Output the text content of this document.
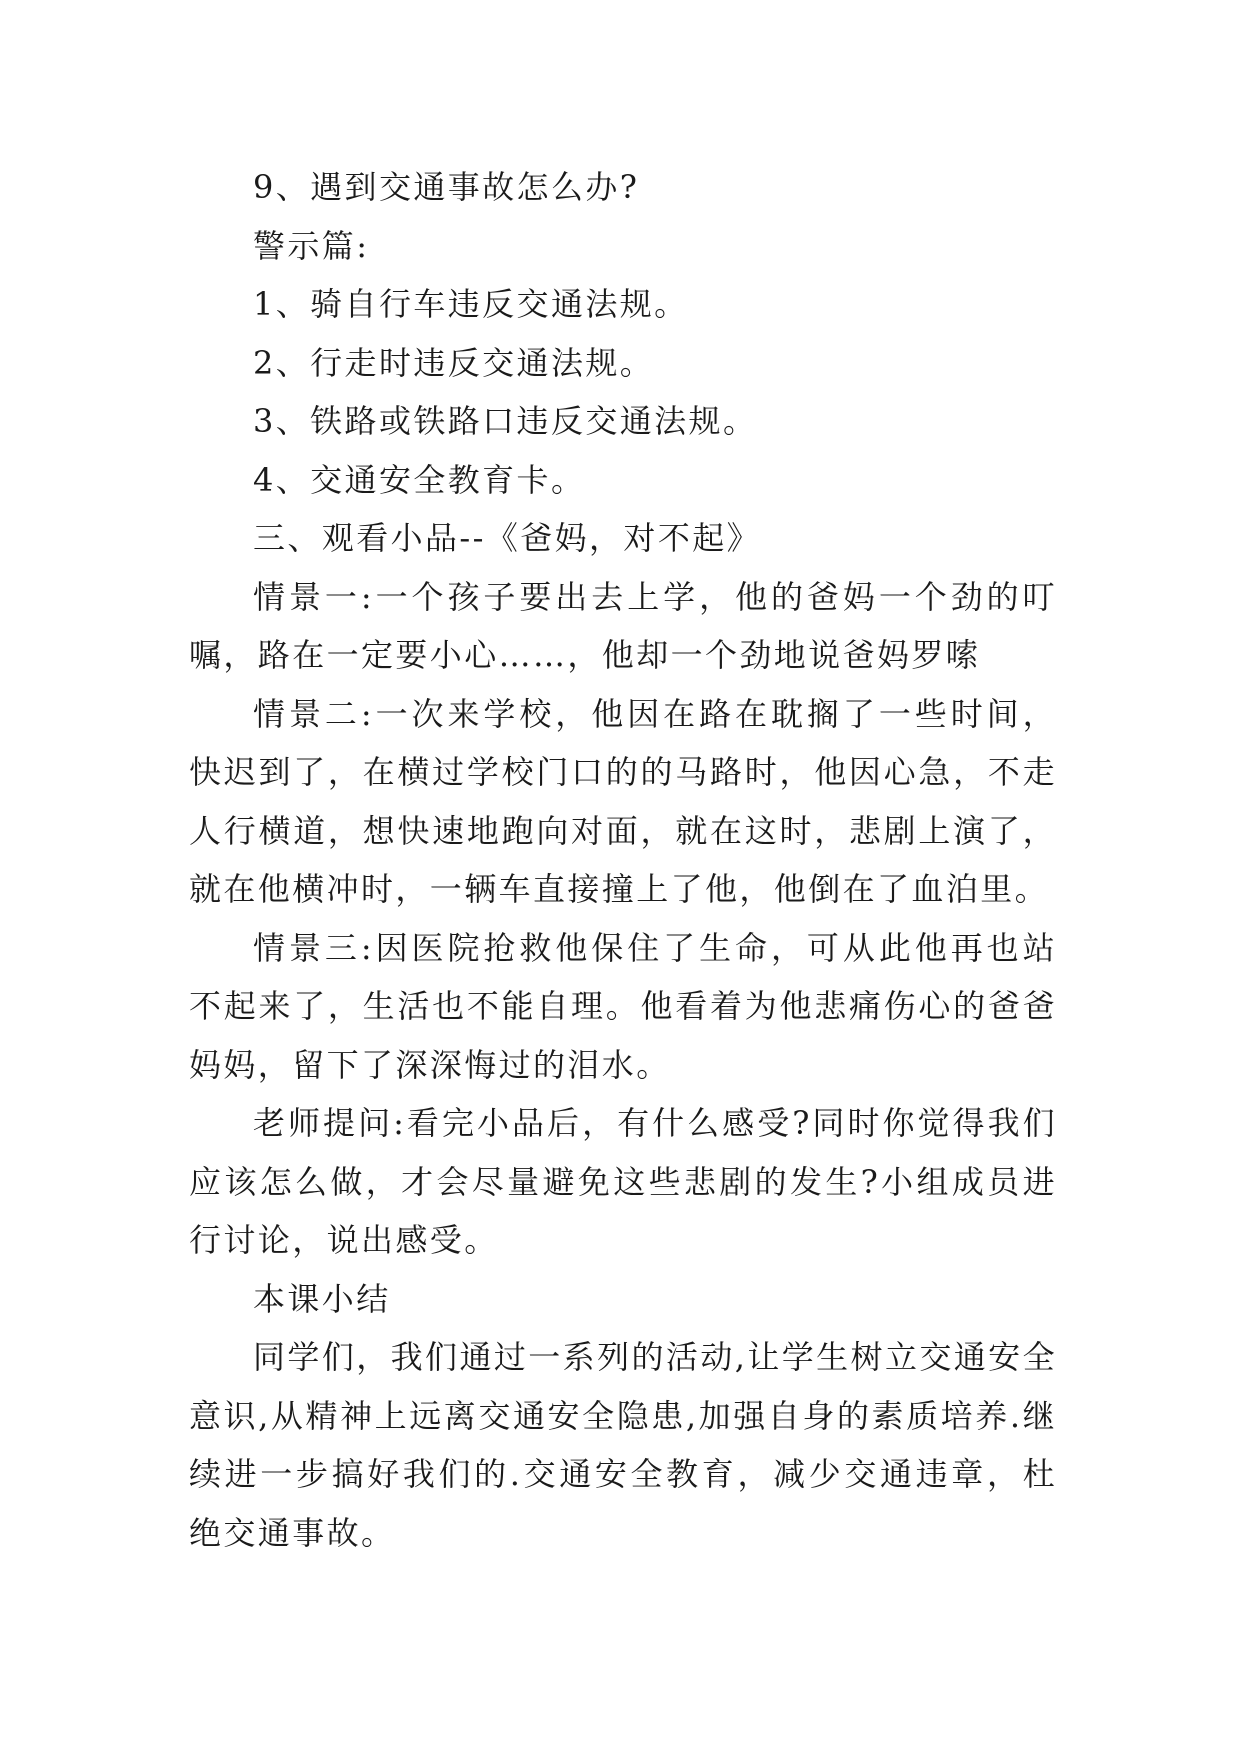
9、遇到交通事故怎么办?

警示篇:

1、骑自行车违反交通法规。

2、行走时违反交通法规。

3、铁路或铁路口违反交通法规。

4、交通安全教育卡。

三、观看小品--《爸妈，对不起》

情景一:一个孩子要出去上学，他的爸妈一个劲的叮嘱，路在一定要小心……，他却一个劲地说爸妈罗嗦

情景二:一次来学校，他因在路在耽搁了一些时间，快迟到了，在横过学校门口的的马路时，他因心急，不走人行横道，想快速地跑向对面，就在这时，悲剧上演了，就在他横冲时，一辆车直接撞上了他，他倒在了血泊里。

情景三:因医院抢救他保住了生命，可从此他再也站不起来了，生活也不能自理。他看着为他悲痛伤心的爸爸妈妈，留下了深深悔过的泪水。

老师提问:看完小品后，有什么感受?同时你觉得我们应该怎么做，才会尽量避免这些悲剧的发生?小组成员进行讨论，说出感受。

本课小结

同学们，我们通过一系列的活动,让学生树立交通安全意识,从精神上远离交通安全隐患,加强自身的素质培养.继续进一步搞好我们的.交通安全教育，减少交通违章，杜绝交通事故。
